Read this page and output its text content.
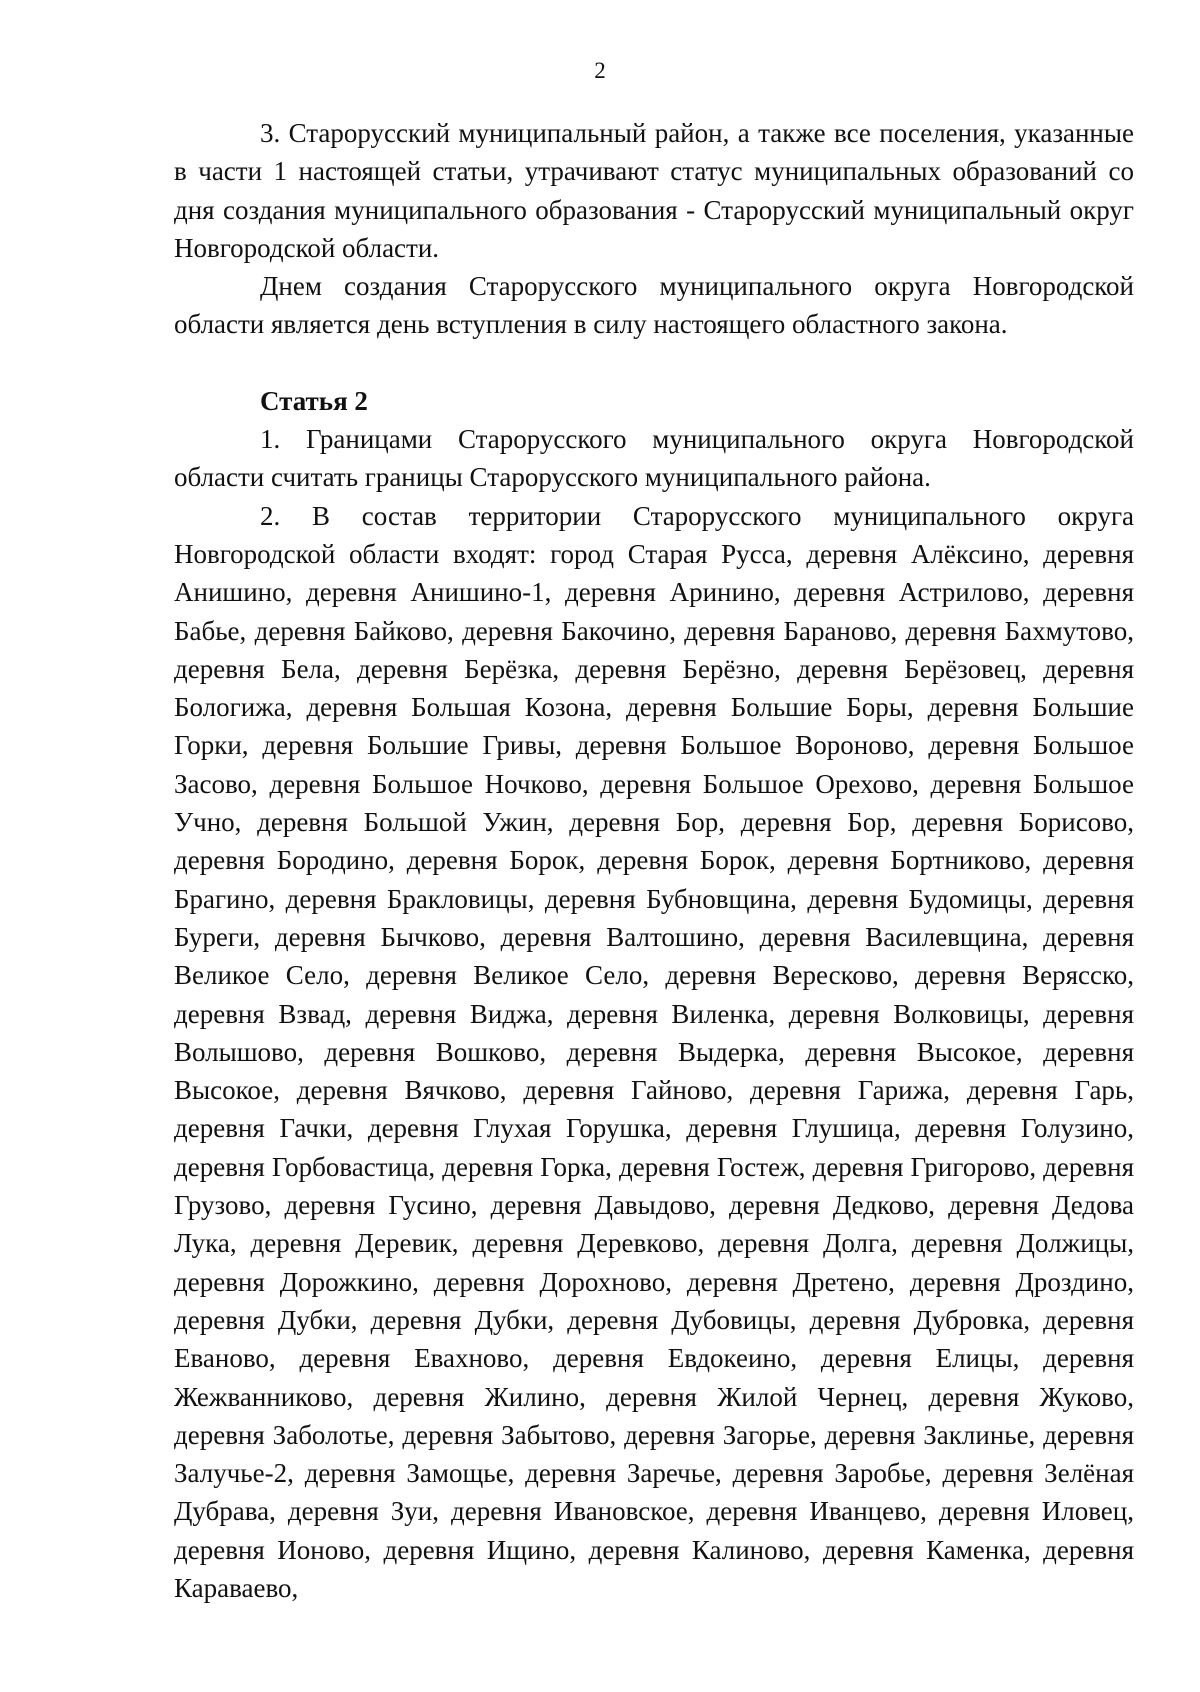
2

3. Старорусский муниципальный район, а также все поселения, указанные в части 1 настоящей статьи, утрачивают статус муниципальных образований со дня создания муниципального образования - Старорусский муниципальный округ Новгородской области.

Днем создания Старорусского муниципального округа Новгородской области является день вступления в силу настоящего областного закона.

Статья 2

1. Границами Старорусского муниципального округа Новгородской области считать границы Старорусского муниципального района.

2. В состав территории Старорусского муниципального округа Новгородской области входят: город Старая Русса, деревня Алёксино, деревня Анишино, деревня Анишино-1, деревня Аринино, деревня Астрилово, деревня Бабье, деревня Байково, деревня Бакочино, деревня Бараново, деревня Бахмутово, деревня Бела, деревня Берёзка, деревня Берёзно, деревня Берёзовец, деревня Бологижа, деревня Большая Козона, деревня Большие Боры, деревня Большие Горки, деревня Большие Гривы, деревня Большое Вороново, деревня Большое Засово, деревня Большое Ночково, деревня Большое Орехово, деревня Большое Учно, деревня Большой Ужин, деревня Бор, деревня Бор, деревня Борисово, деревня Бородино, деревня Борок, деревня Борок, деревня Бортниково, деревня Брагино, деревня Бракловицы, деревня Бубновщина, деревня Будомицы, деревня Буреги, деревня Бычково, деревня Валтошино, деревня Василевщина, деревня Великое Село, деревня Великое Село, деревня Вересково, деревня Верясско, деревня Взвад, деревня Виджа, деревня Виленка, деревня Волковицы, деревня Волышово, деревня Вошково, деревня Выдерка, деревня Высокое, деревня Высокое, деревня Вячково, деревня Гайново, деревня Гарижа, деревня Гарь, деревня Гачки, деревня Глухая Горушка, деревня Глушица, деревня Голузино, деревня Горбовастица, деревня Горка, деревня Гостеж, деревня Григорово, деревня Грузово, деревня Гусино, деревня Давыдово, деревня Дедково, деревня Дедова Лука, деревня Деревик, деревня Деревково, деревня Долга, деревня Должицы, деревня Дорожкино, деревня Дорохново, деревня Дретено, деревня Дроздино, деревня Дубки, деревня Дубки, деревня Дубовицы, деревня Дубровка, деревня Еваново, деревня Евахново, деревня Евдокеино, деревня Елицы, деревня Жежванниково, деревня Жилино, деревня Жилой Чернец, деревня Жуково, деревня Заболотье, деревня Забытово, деревня Загорье, деревня Заклинье, деревня Залучье-2, деревня Замощье, деревня Заречье, деревня Заробье, деревня Зелёная Дубрава, деревня Зуи, деревня Ивановское, деревня Иванцево, деревня Иловец, деревня Ионово, деревня Ищино, деревня Калиново, деревня Каменка, деревня Караваево,
